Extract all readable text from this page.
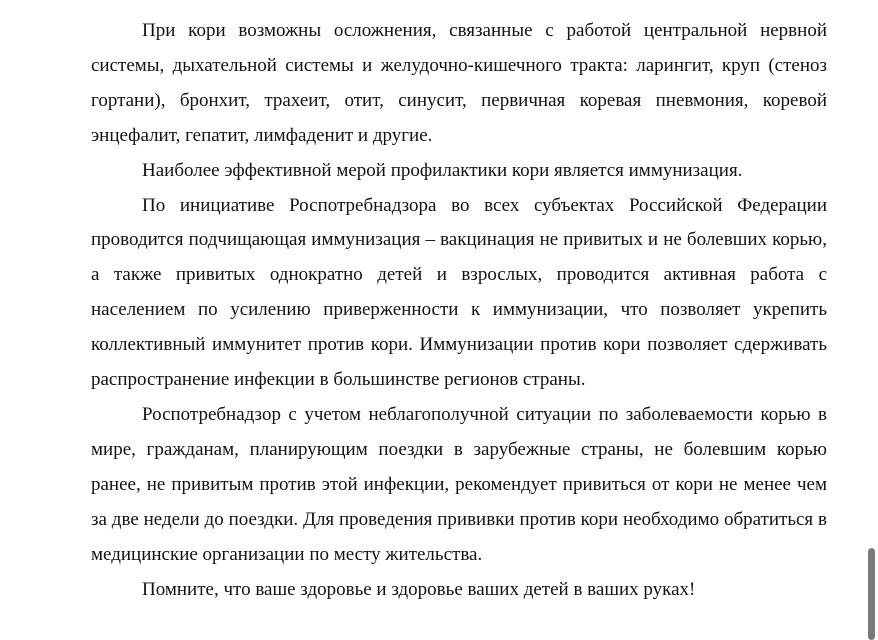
При кори возможны осложнения, связанные с работой центральной нервной системы, дыхательной системы и желудочно-кишечного тракта: ларингит, круп (стеноз гортани), бронхит, трахеит, отит, синусит, первичная коревая пневмония, коревой энцефалит, гепатит, лимфаденит и другие.

Наиболее эффективной мерой профилактики кори является иммунизация.

По инициативе Роспотребнадзора во всех субъектах Российской Федерации проводится подчищающая иммунизация – вакцинация не привитых и не болевших корью, а также привитых однократно детей и взрослых, проводится активная работа с населением по усилению приверженности к иммунизации, что позволяет укрепить коллективный иммунитет против кори. Иммунизации против кори позволяет сдерживать распространение инфекции в большинстве регионов страны.

Роспотребнадзор с учетом неблагополучной ситуации по заболеваемости корью в мире, гражданам, планирующим поездки в зарубежные страны, не болевшим корью ранее, не привитым против этой инфекции, рекомендует привиться от кори не менее чем за две недели до поездки. Для проведения прививки против кори необходимо обратиться в медицинские организации по месту жительства.

Помните, что ваше здоровье и здоровье ваших детей в ваших руках!
